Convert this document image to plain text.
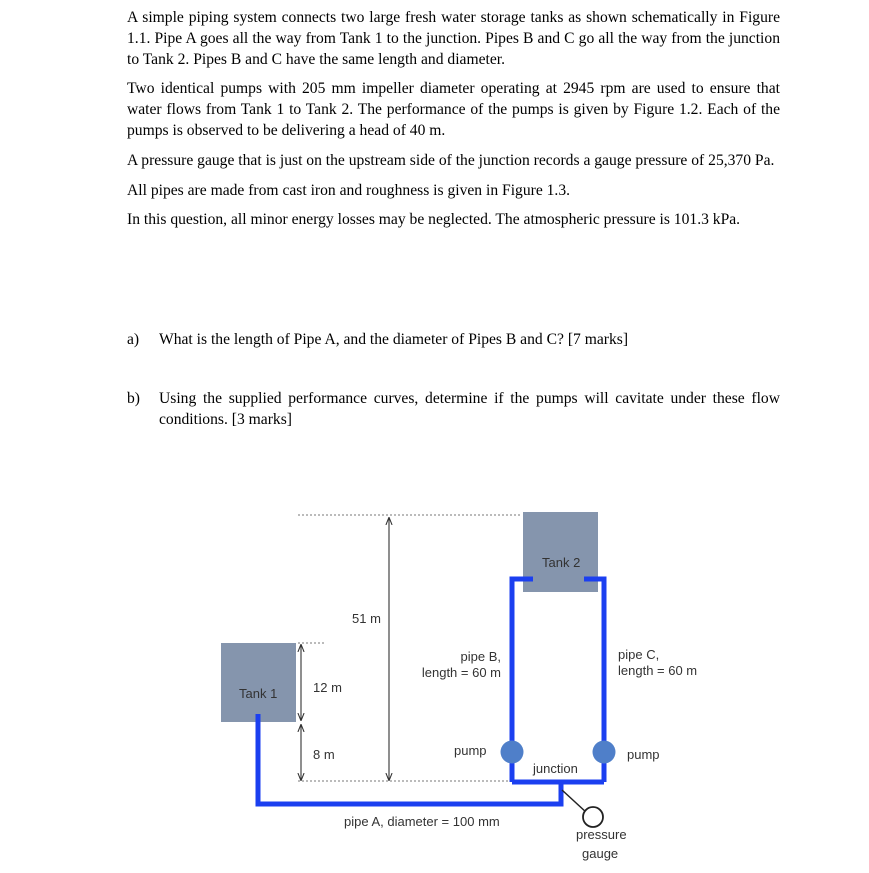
A simple piping system connects two large fresh water storage tanks as shown schematically in Figure 1.1. Pipe A goes all the way from Tank 1 to the junction. Pipes B and C go all the way from the junction to Tank 2. Pipes B and C have the same length and diameter.

Two identical pumps with 205 mm impeller diameter operating at 2945 rpm are used to ensure that water flows from Tank 1 to Tank 2. The performance of the pumps is given by Figure 1.2. Each of the pumps is observed to be delivering a head of 40 m.

A pressure gauge that is just on the upstream side of the junction records a gauge pressure of 25,370 Pa.

All pipes are made from cast iron and roughness is given in Figure 1.3.

In this question, all minor energy losses may be neglected. The atmospheric pressure is 101.3 kPa.

a) What is the length of Pipe A, and the diameter of Pipes B and C? [7 marks]
b) Using the supplied performance curves, determine if the pumps will cavitate under these flow conditions. [3 marks]
Tank 1
Tank 2
51 m
12 m
8 m
pipe B,
length = 60 m
pipe C,
length = 60 m
pump	pump
junction
pipe A, diameter = 100 mm
pressure
gauge
